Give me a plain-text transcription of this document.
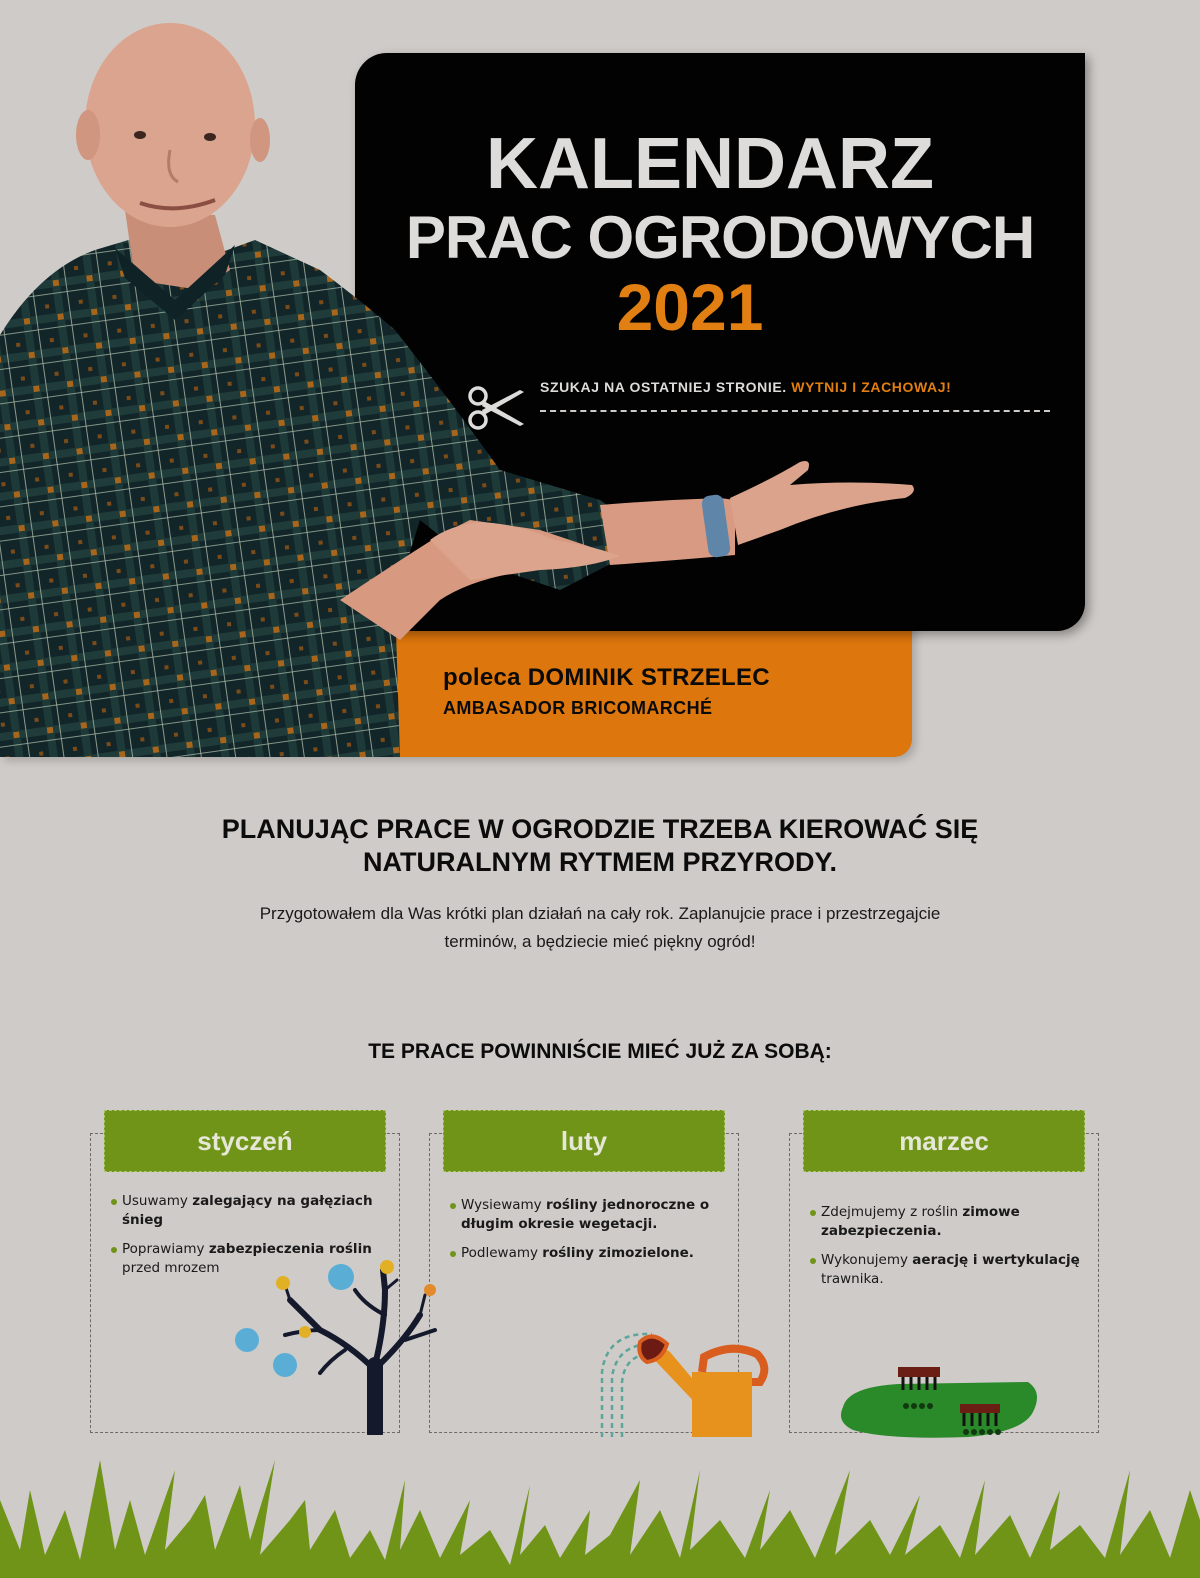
KALENDARZ
PRAC OGRODOWYCH
2021
SZUKAJ NA OSTATNIEJ STRONIE. WYTNIJ I ZACHOWAJ!
poleca DOMINIK STRZELEC
AMBASADOR BRICOMARCHÉ
PLANUJĄC PRACE W OGRODZIE TRZEBA KIEROWAĆ SIĘ
NATURALNYM RYTMEM PRZYRODY.
Przygotowałem dla Was krótki plan działań na cały rok. Zaplanujcie prace i przestrzegajcie
terminów, a będziecie mieć piękny ogród!
TE PRACE POWINNIŚCIE MIEĆ JUŻ ZA SOBĄ:
styczeń
Usuwamy zalegający na gałęziach śnieg
Poprawiamy zabezpieczenia roślin przed mrozem
luty
Wysiewamy rośliny jednoroczne o długim okresie wegetacji.
Podlewamy rośliny zimozielone.
marzec
Zdejmujemy z roślin zimowe zabezpieczenia.
Wykonujemy aerację i wertykulację trawnika.
